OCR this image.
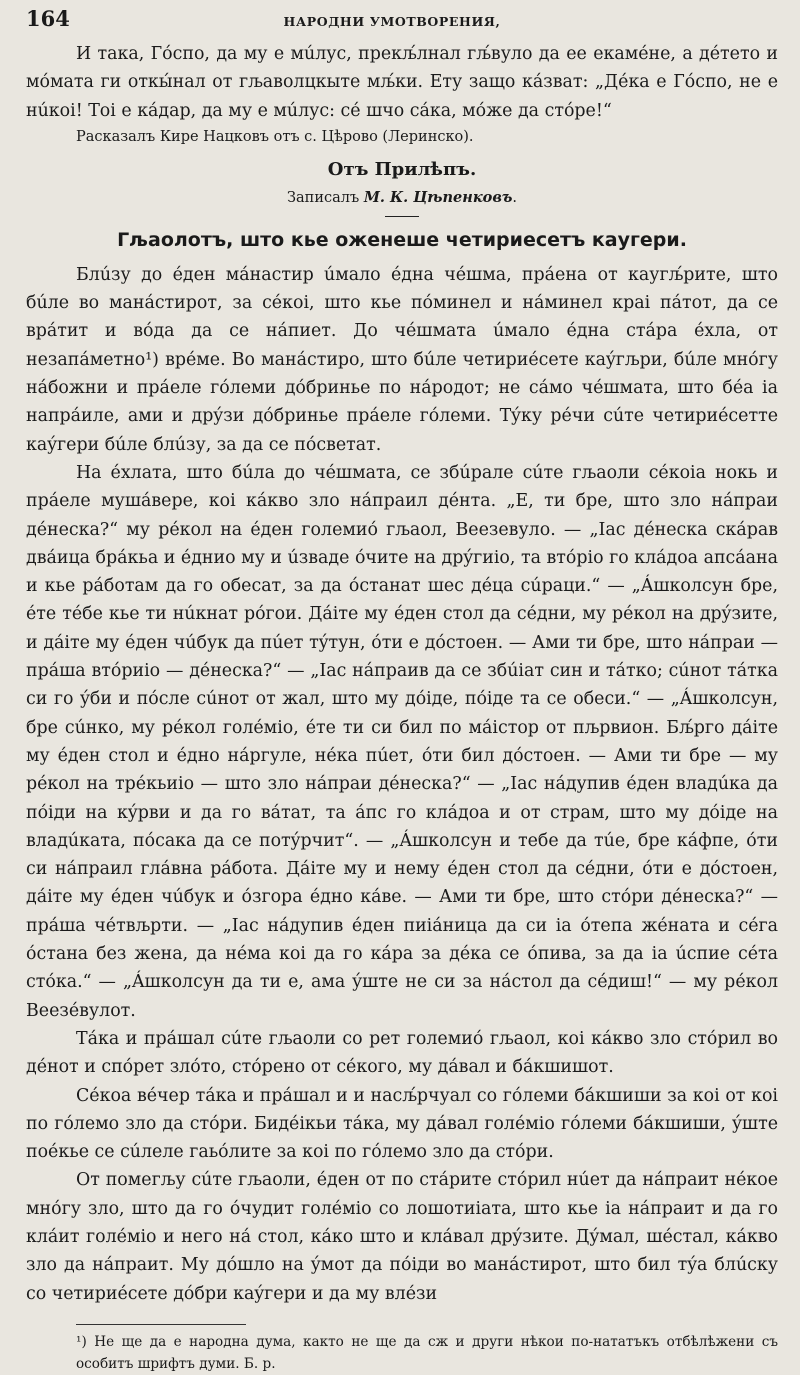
164	НАРОДНИ УМОТВОРЕНИЯ,

И така, Гóспо, да му е мúлус, прекљ́лнал гљ́вуло да ее екамéне, а дéтето и мóмата ги откы́нал от гљаволцкыте мљ́ки. Ету защо кáзват: „Дéка е Гóспо, не е нúкоі! Тоі е кáдар, да му е мúлус: сé шчо сáка, мóже да стóре!“

Расказалъ Кире Нацковъ отъ с. Цѣрово (Леринско).

Отъ Прилѣпъ.
Записалъ М. К. Цѣпенковъ.
Гљаолотъ, што кье оженеше четириесетъ каугери.

Блúзу до éден мáнастир úмало éдна чéшма, прáена от каугљ́рите, што бúле во манáстирот, за сéкоі, што кье пóминел и нáминел краі пáтот, да се врáтит и вóда да се нáпиет. До чéшмата úмало éдна стáра éхла, от незапáметно¹) врéме. Во манáстиро, што бúле четириéсете каýгљри, бúле мнóгу нáбожни и прáеле гóлеми дóбринье по нáродот; не сáмо чéшмата, што бéа іа напрáиле, ами и дрýзи дóбринье прáеле гóлеми. Тýку рéчи сúте четириéсетте каýгери бúле блúзу, за да се пóсветат.

На éхлата, што бúла до чéшмата, се збúрале сúте гљаоли сéкоіа нокь и прáеле мушáвере, коі кáкво зло нáпраил дéнта. „Е, ти бре, што зло нáпраи дéнеска?“ му рéкол на éден големиó гљаол, Веезевуло. — „Іас дéнеска скáрав двáица брáкьа и éднио му и úзваде óчите на дрýгиіо, та втóріо го клáдоа апсáана и кье рáботам да го обесат, за да óстанат шес дéца сúраци.“ — „Áшколсун бре, éте тéбе кье ти нúкнат рóгои. Дáіте му éден стол да сéдни, му рéкол на дрýзите, и дáіте му éден чúбук да пúет тýтун, óти е дóстоен. — Ами ти бре, што нáпраи — прáша втóриіо — дéнеска?“ — „Іас нáпраив да се збúіат син и тáтко; сúнот тáтка си го ýби и пóсле сúнот от жал, што му дóіде, пóіде та се обеси.“ — „Áшколсун, бре сúнко, му рéкол голéміо, éте ти си бил по мáістор от пљрвион. Бљ́рго дáіте му éден стол и éдно нáргуле, нéка пúет, óти бил дóстоен. — Ами ти бре — му рéкол на трéкьиіо — што зло нáпраи дéнеска?“ — „Іас нáдупив éден владúка да пóіди на кýрви и да го вáтат, та áпс го клáдоа и от страм, што му дóіде на владúката, пóсака да се потýрчит“. — „Áшколсун и тебе да тúе, бре кáфпе, óти си нáпраил глáвна рáбота. Дáіте му и нему éден стол да сéдни, óти е дóстоен, дáіте му éден чúбук и óзгора éдно кáве. — Ами ти бре, што стóри дéнеска?“ — прáша чéтвљрти. — „Іас нáдупив éден пиіáница да си іа óтепа жéната и сéга óстана без жена, да нéма коі да го кáра за дéка се óпива, за да іа úспие сéта стóка.“ — „Áшколсун да ти е, ама ýште не си за нáстол да сéдиш!“ — му рéкол Веезéвулот.

Тáка и прáшал сúте гљаоли со рет големиó гљаол, коі кáкво зло стóрил во дéнот и спóрет злóто, стóрено от сéкого, му дáвал и бáкшишот.

Сéкоа вéчер тáка и прáшал и и насљ́рчуал со гóлеми бáкшиши за коі от коі по гóлемо зло да стóри. Бидéікьи тáка, му дáвал голéміо гóлеми бáкшиши, ýште поéкье се сúлеле гаьóлите за коі по гóлемо зло да стóри.

От помегљу сúте гљаоли, éден от по стáрите стóрил нúет да нáпраит нéкое мнóгу зло, што да го óчудит голéміо со лошотиіата, што кье іа нáпраит и да го клáит голéміо и него нá стол, кáко што и клáвал дрýзите. Дýмал, шéстал, кáкво зло да нáпраит. Му дóшло на ýмот да пóіди во манáстирот, што бил тýа блúску со четириéсете дóбри каýгери и да му влéзи

¹) Не ще да е народна дума, както не ще да сж и други нѣкои по-нататъкъ отбѣлѣжени съ особитъ шрифтъ думи. Б. р.
